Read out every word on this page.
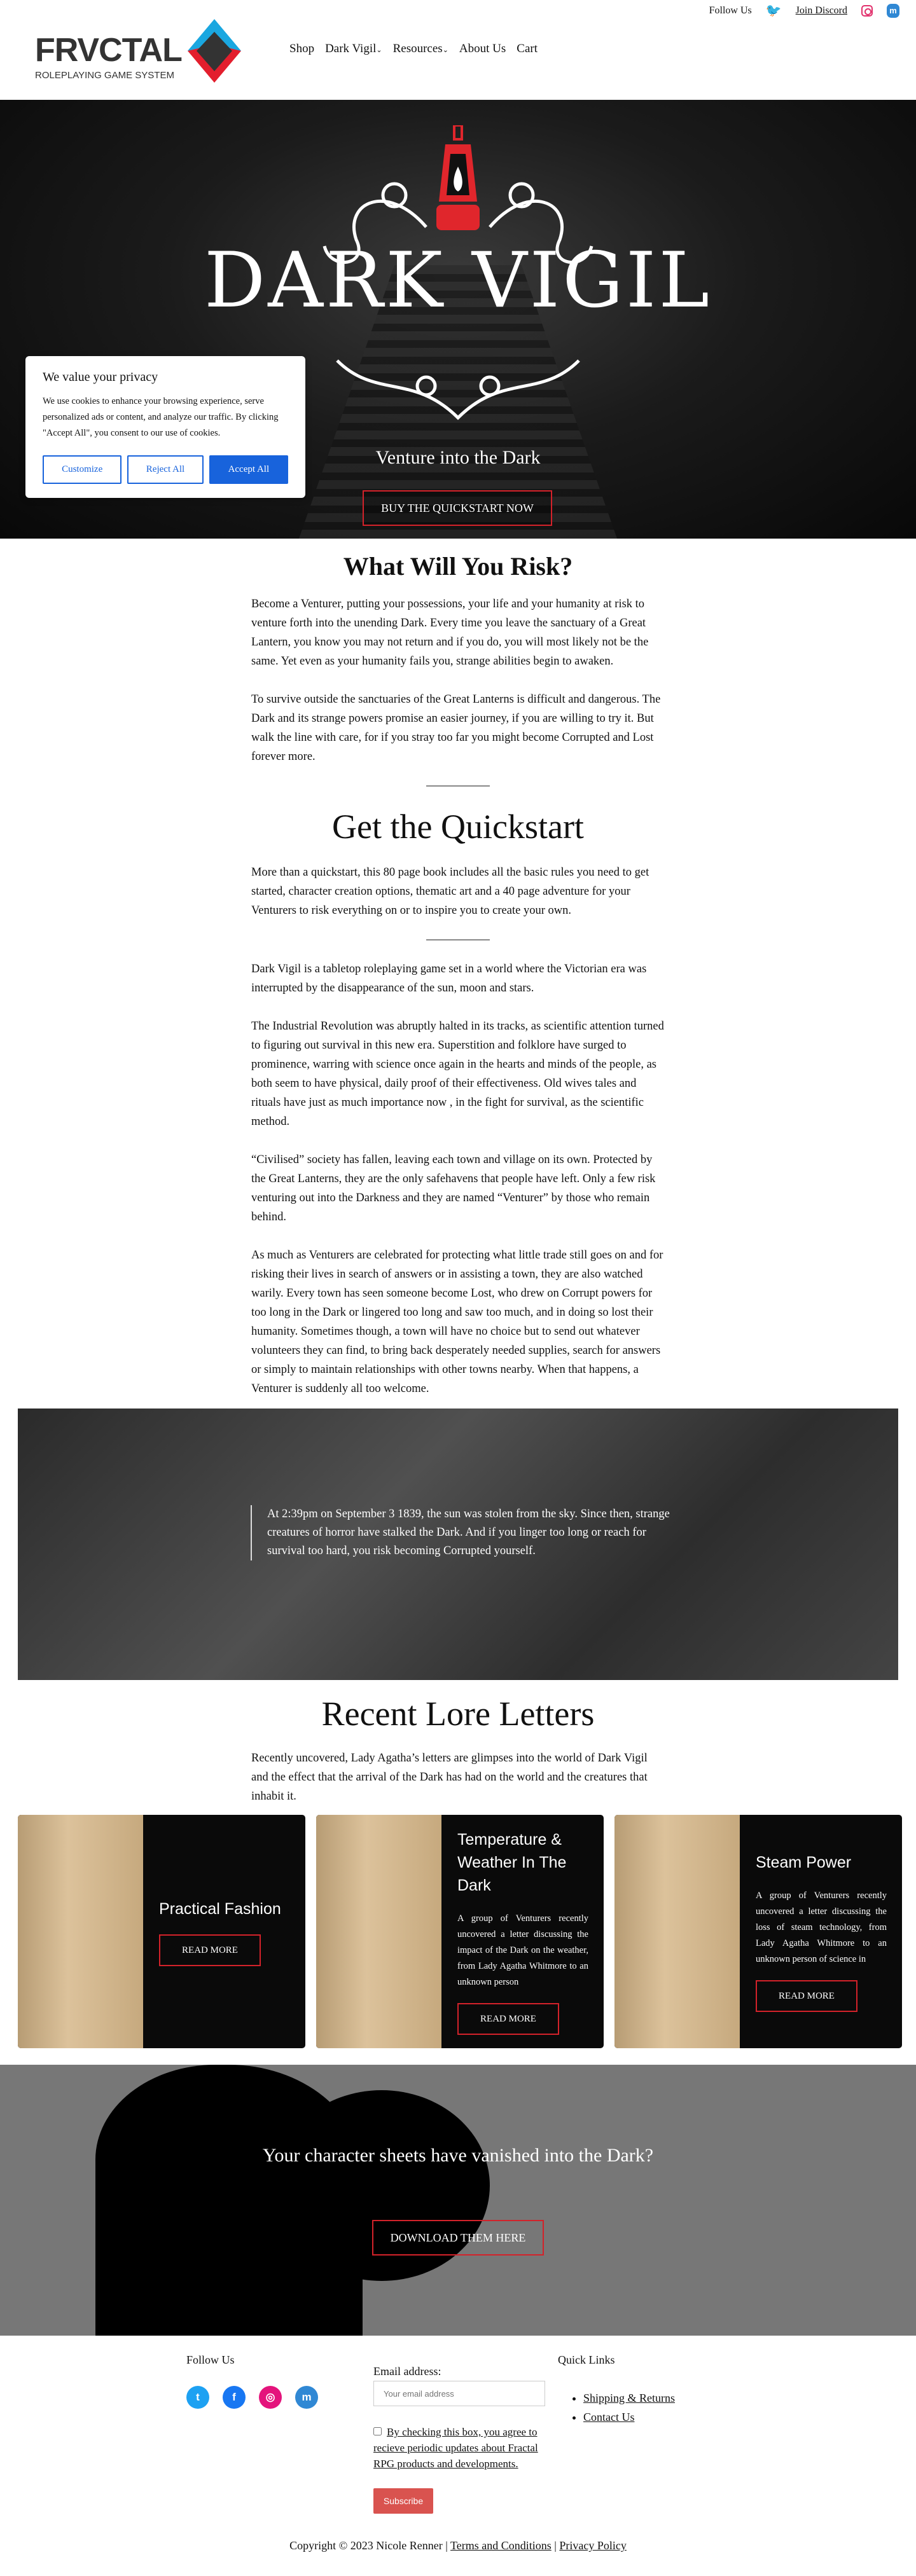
Follow Us 🐦 Join Discord	m
FRVCTAL
ROLEPLAYING GAME SYSTEM
Shop Dark Vigil⌄ Resources⌄ About Us Cart
DARK VIGIL
Venture into the Dark
BUY THE QUICKSTART NOW
We value your privacy

We use cookies to enhance your browsing experience, serve personalized ads or content, and analyze our traffic. By clicking "Accept All", you consent to our use of cookies.

Customize	Reject All	Accept All
What Will You Risk?

Become a Venturer, putting your possessions, your life and your humanity at risk to venture forth into the unending Dark. Every time you leave the sanctuary of a Great Lantern, you know you may not return and if you do, you will most likely not be the same. Yet even as your humanity fails you, strange abilities begin to awaken.

To survive outside the sanctuaries of the Great Lanterns is difficult and dangerous. The Dark and its strange powers promise an easier journey, if you are willing to try it. But walk the line with care, for if you stray too far you might become Corrupted and Lost forever more.

Get the Quickstart

More than a quickstart, this 80 page book includes all the basic rules you need to get started, character creation options, thematic art and a 40 page adventure for your Venturers to risk everything on or to inspire you to create your own.

Dark Vigil is a tabletop roleplaying game set in a world where the Victorian era was interrupted by the disappearance of the sun, moon and stars.

The Industrial Revolution was abruptly halted in its tracks, as scientific attention turned to figuring out survival in this new era. Superstition and folklore have surged to prominence, warring with science once again in the hearts and minds of the people, as both seem to have physical, daily proof of their effectiveness. Old wives tales and rituals have just as much importance now , in the fight for survival, as the scientific method.

“Civilised” society has fallen, leaving each town and village on its own. Protected by the Great Lanterns, they are the only safehavens that people have left. Only a few risk venturing out into the Darkness and they are named “Venturer” by those who remain behind.

As much as Venturers are celebrated for protecting what little trade still goes on and for risking their lives in search of answers or in assisting a town, they are also watched warily. Every town has seen someone become Lost, who drew on Corrupt powers for too long in the Dark or lingered too long and saw too much, and in doing so lost their humanity. Sometimes though, a town will have no choice but to send out whatever volunteers they can find, to bring back desperately needed supplies, search for answers or simply to maintain relationships with other towns nearby. When that happens, a Venturer is suddenly all too welcome.

At 2:39pm on September 3 1839, the sun was stolen from the sky. Since then, strange creatures of horror have stalked the Dark. And if you linger too long or reach for survival too hard, you risk becoming Corrupted yourself.
Recent Lore Letters

Recently uncovered, Lady Agatha’s letters are glimpses into the world of Dark Vigil and the effect that the arrival of the Dark has had on the world and the creatures that inhabit it.

Practical Fashion
READ MORE
Temperature & Weather In The Dark

A group of Venturers recently uncovered a letter discussing the impact of the Dark on the weather, from Lady Agatha Whitmore to an unknown person

READ MORE
Steam Power

A group of Venturers recently uncovered a letter discussing the loss of steam technology, from Lady Agatha Whitmore to an unknown person of science in

READ MORE
Your character sheets have vanished into the Dark?
DOWNLOAD THEM HERE
Follow Us
t	f	◎	m
Email address:
Your email address
By checking this box, you agree to recieve periodic updates about Fractal RPG products and developments.
Subscribe
Quick Links
• Shipping & Returns
• Contact Us
Copyright © 2023 Nicole Renner | Terms and Conditions | Privacy Policy
